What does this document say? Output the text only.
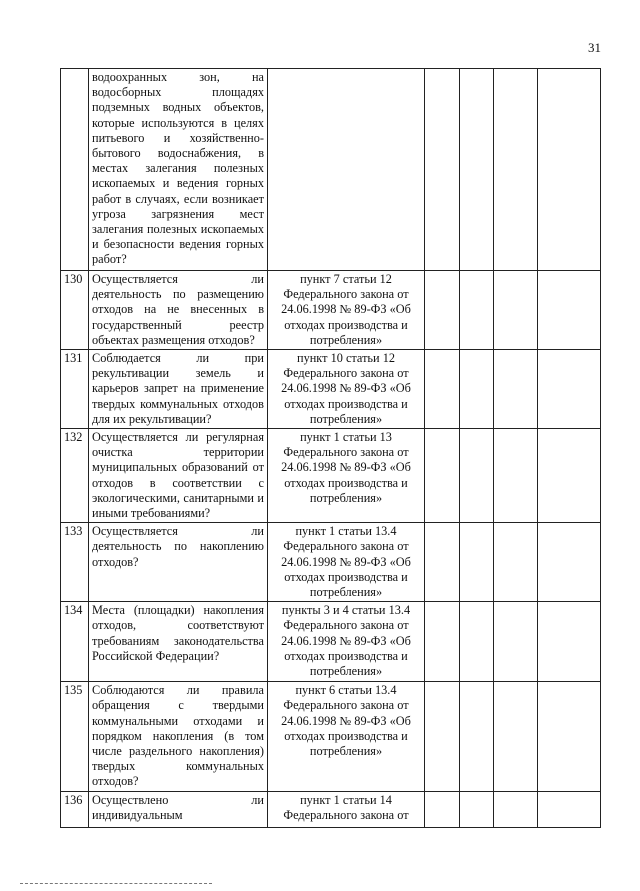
31
	водоохранных зон, на водосборных площадях подземных водных объектов, которые используются в целях питьевого и хозяйственно-бытового водоснабжения, в местах залегания полезных ископаемых и ведения горных работ в случаях, если возникает угроза загрязнения мест залегания полезных ископаемых и безопасности ведения горных работ?					

130	Осуществляется ли деятельность по размещению отходов на не внесенных в государственный реестр объектах размещения отходов?	пункт 7 статьи 12 Федерального закона от 24.06.1998 № 89-ФЗ «Об отходах производства и потребления»				

131	Соблюдается ли при рекультивации земель и карьеров запрет на применение твердых коммунальных отходов для их рекультивации?	пункт 10 статьи 12 Федерального закона от 24.06.1998 № 89-ФЗ «Об отходах производства и потребления»				

132	Осуществляется ли регулярная очистка территории муниципальных образований от отходов в соответствии с экологическими, санитарными и иными требованиями?	пункт 1 статьи 13 Федерального закона от 24.06.1998 № 89-ФЗ «Об отходах производства и потребления»				

133	Осуществляется ли деятельность по накоплению отходов?	пункт 1 статьи 13.4 Федерального закона от 24.06.1998 № 89-ФЗ «Об отходах производства и потребления»				

134	Места (площадки) накопления отходов, соответствуют требованиям законодательства Российской Федерации?	пункты 3 и 4 статьи 13.4 Федерального закона от 24.06.1998 № 89-ФЗ «Об отходах производства и потребления»				

135	Соблюдаются ли правила обращения с твердыми коммунальными отходами и порядком накопления (в том числе раздельного накопления) твердых коммунальных отходов?	пункт 6 статьи 13.4 Федерального закона от 24.06.1998 № 89-ФЗ «Об отходах производства и потребления»				

136	Осуществлено ли индивидуальным	пункт 1 статьи 14 Федерального закона от				
